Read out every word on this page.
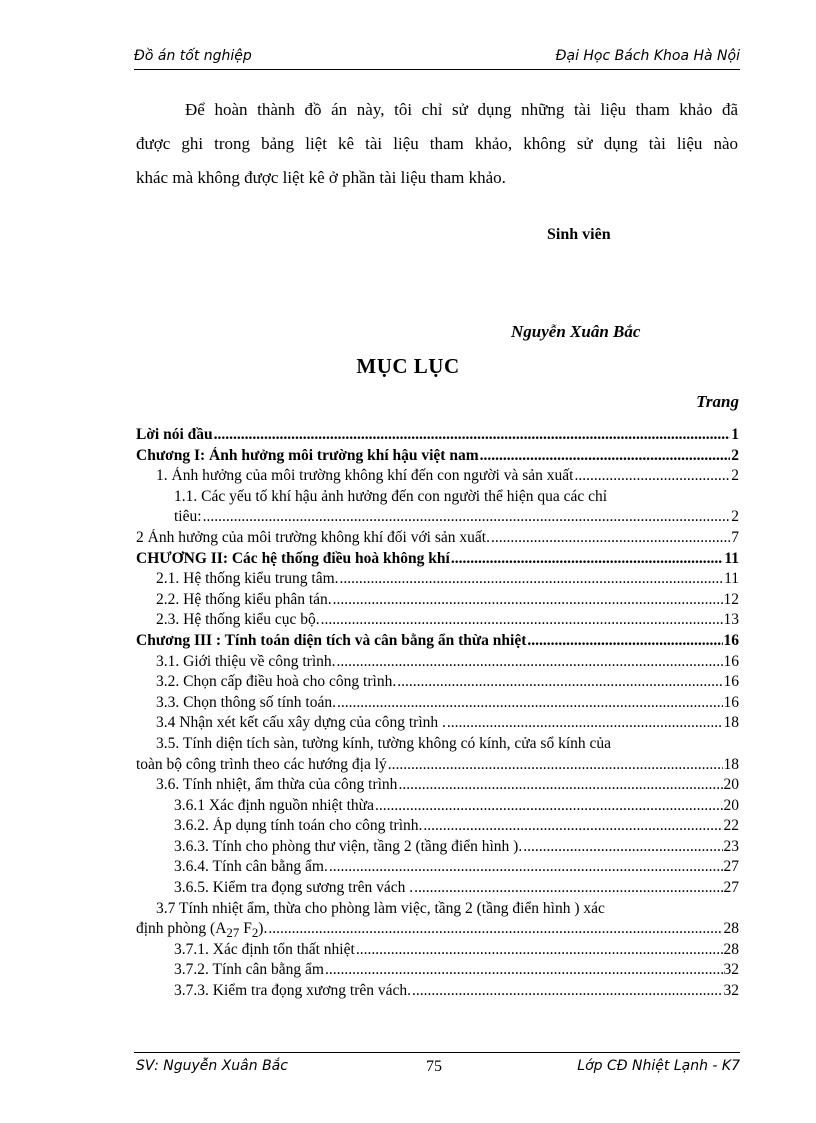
Đồ án tốt nghiệp	Đại Học Bách Khoa Hà Nội
Để hoàn thành đồ án này, tôi chỉ sử dụng những tài liệu tham khảo đã
được ghi trong bảng liệt kê tài liệu tham khảo, không sử dụng tài liệu nào
khác mà không được liệt kê ở phần tài liệu tham khảo.
Sinh viên
Nguyễn Xuân Bắc
MỤC LỤC
Trang
Lời nói đầu .....	1
Chương I: Ảnh hưởng môi trường khí hậu việt nam .....	2
1. Ảnh hưởng của môi trường không khí đến con người và sản xuất .....	2
1.1. Các yếu tố khí hậu ảnh hưởng đến con người thể hiện qua các chỉ
tiêu: .....	2
2 Ảnh hưởng của môi trường không khí đối với sản xuất. .....	7
CHƯƠNG II: Các hệ thống điều hoà không khí .....	11
2.1. Hệ thống kiểu trung tâm. .....	11
2.2. Hệ thống kiểu phân tán. .....	12
2.3. Hệ thống kiểu cục bộ. .....	13
Chương III : Tính toán diện tích và cân bằng ẩn thừa nhiệt .....	16
3.1. Giới thiệu về công trình. .....	16
3.2. Chọn cấp điều hoà cho công trình. .....	16
3.3. Chọn thông số tính toán. .....	16
3.4 Nhận xét kết cấu xây dựng của công trình . .....	18
3.5. Tính diện tích sàn, tường kính, tường không có kính, cửa sổ kính của
toàn bộ công trình theo các hướng địa lý .....	18
3.6. Tính nhiệt, ẩm thừa của công trình .....	20
3.6.1 Xác định nguồn nhiệt thừa .....	20
3.6.2. Áp dụng tính toán cho công trình. .....	22
3.6.3. Tính cho phòng thư viện, tầng 2 (tầng điển hình ). .....	23
3.6.4. Tính cân bằng ẩm. .....	27
3.6.5. Kiểm tra đọng sương trên vách . .....	27
3.7 Tính nhiệt ẩm, thừa cho phòng làm việc, tầng 2 (tầng điển hình ) xác
định phòng ($A_{27}$ $F_2$). .....	28
3.7.1. Xác định tổn thất nhiệt .....	28
3.7.2. Tính cân bằng ẩm .....	32
3.7.3. Kiểm tra đọng xương trên vách. .....	32
SV: Nguyễn Xuân Bắc	75	Lớp CĐ Nhiệt Lạnh - K7
